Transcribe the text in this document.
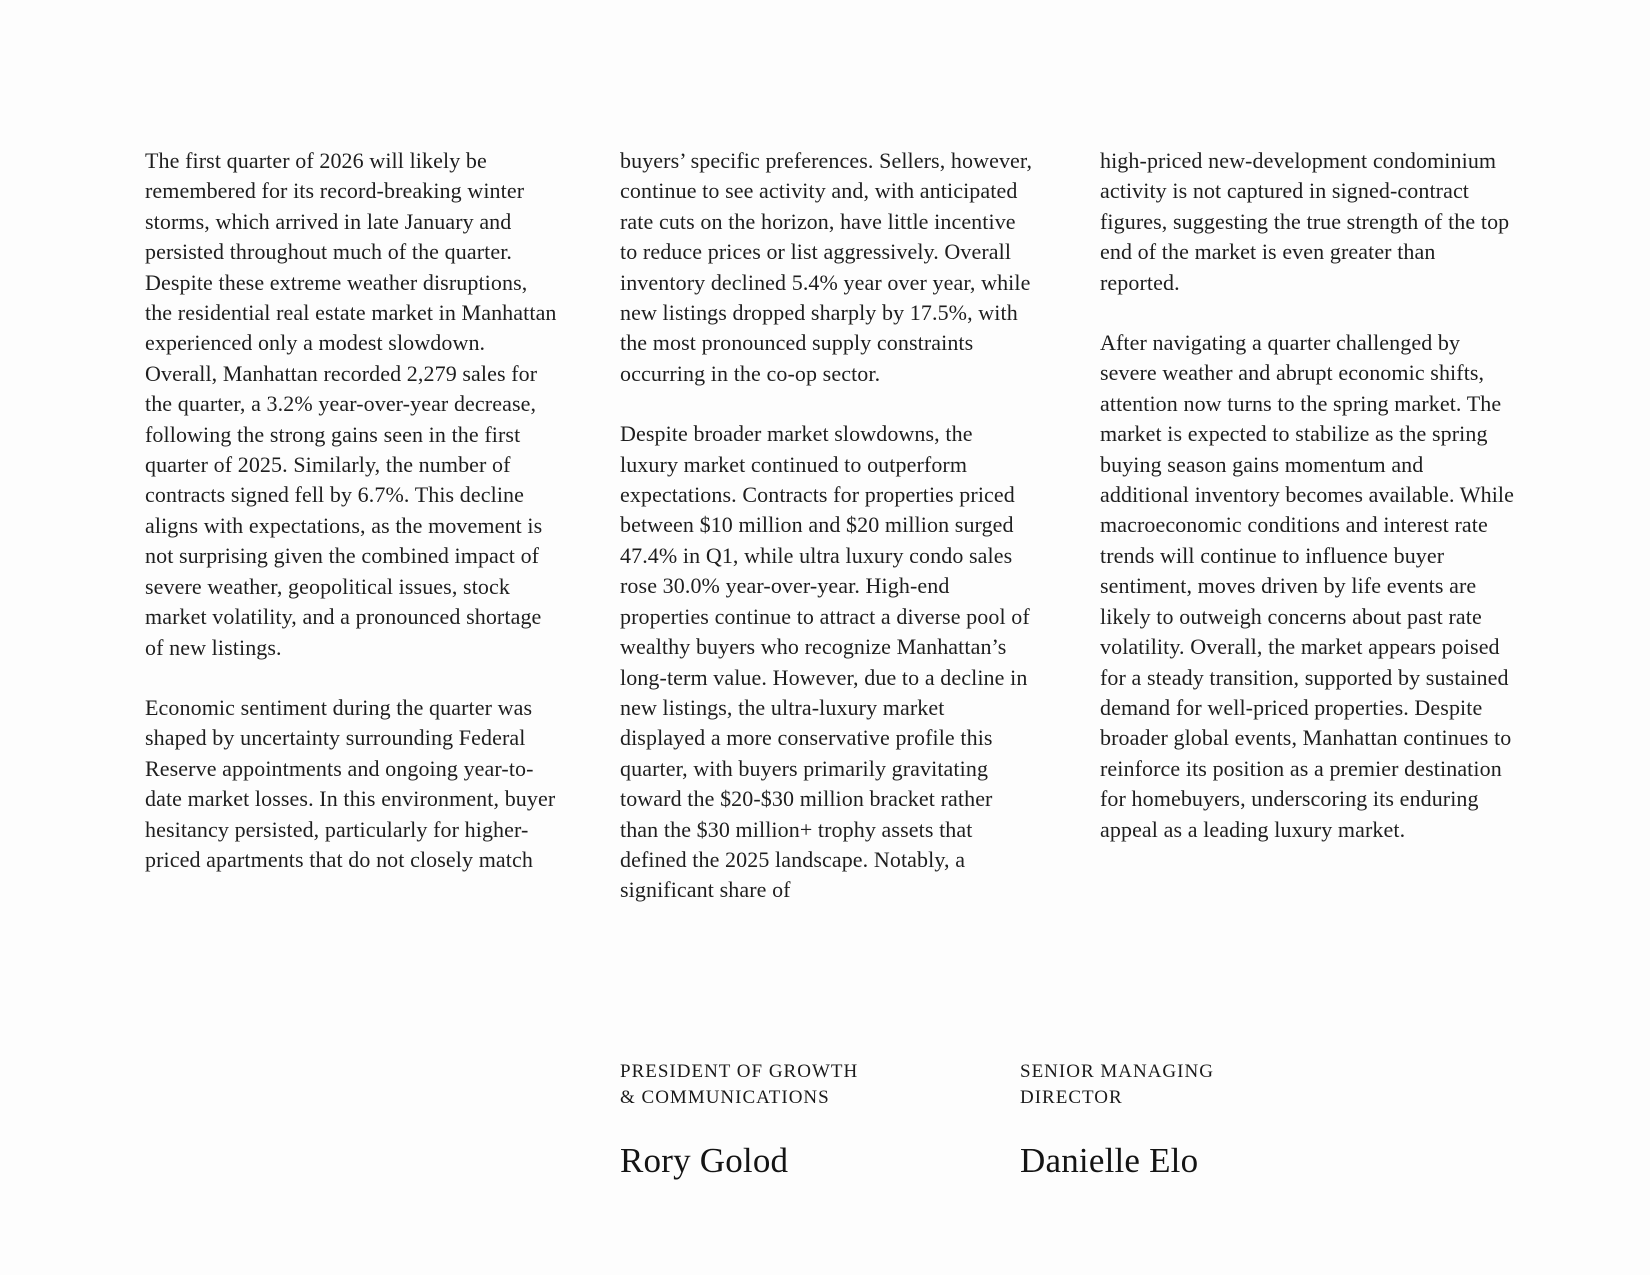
The first quarter of 2026 will likely be remembered for its record-breaking winter storms, which arrived in late January and persisted throughout much of the quarter. Despite these extreme weather disruptions, the residential real estate market in Manhattan experienced only a modest slowdown. Overall, Manhattan recorded 2,279 sales for the quarter, a 3.2% year-over-year decrease, following the strong gains seen in the first quarter of 2025. Similarly, the number of contracts signed fell by 6.7%. This decline aligns with expectations, as the movement is not surprising given the combined impact of severe weather, geopolitical issues, stock market volatility, and a pronounced shortage of new listings.

Economic sentiment during the quarter was shaped by uncertainty surrounding Federal Reserve appointments and ongoing year-to-date market losses. In this environment, buyer hesitancy persisted, particularly for higher-priced apartments that do not closely match

buyers’ specific preferences. Sellers, however, continue to see activity and, with anticipated rate cuts on the horizon, have little incentive to reduce prices or list aggressively. Overall inventory declined 5.4% year over year, while new listings dropped sharply by 17.5%, with the most pronounced supply constraints occurring in the co-op sector.

Despite broader market slowdowns, the luxury market continued to outperform expectations. Contracts for properties priced between $10 million and $20 million surged 47.4% in Q1, while ultra luxury condo sales rose 30.0% year-over-year. High-end properties continue to attract a diverse pool of wealthy buyers who recognize Manhattan’s long-term value. However, due to a decline in new listings, the ultra-luxury market displayed a more conservative profile this quarter, with buyers primarily gravitating toward the $20-$30 million bracket rather than the $30 million+ trophy assets that defined the 2025 landscape. Notably, a significant share of

high-priced new-development condominium activity is not captured in signed-contract figures, suggesting the true strength of the top end of the market is even greater than reported.

After navigating a quarter challenged by severe weather and abrupt economic shifts, attention now turns to the spring market. The market is expected to stabilize as the spring buying season gains momentum and additional inventory becomes available. While macroeconomic conditions and interest rate trends will continue to influence buyer sentiment, moves driven by life events are likely to outweigh concerns about past rate volatility. Overall, the market appears poised for a steady transition, supported by sustained demand for well-priced properties. Despite broader global events, Manhattan continues to reinforce its position as a premier destination for homebuyers, underscoring its enduring appeal as a leading luxury market.

PRESIDENT OF GROWTH
& COMMUNICATIONS
Rory Golod
SENIOR MANAGING
DIRECTOR
Danielle Elo
